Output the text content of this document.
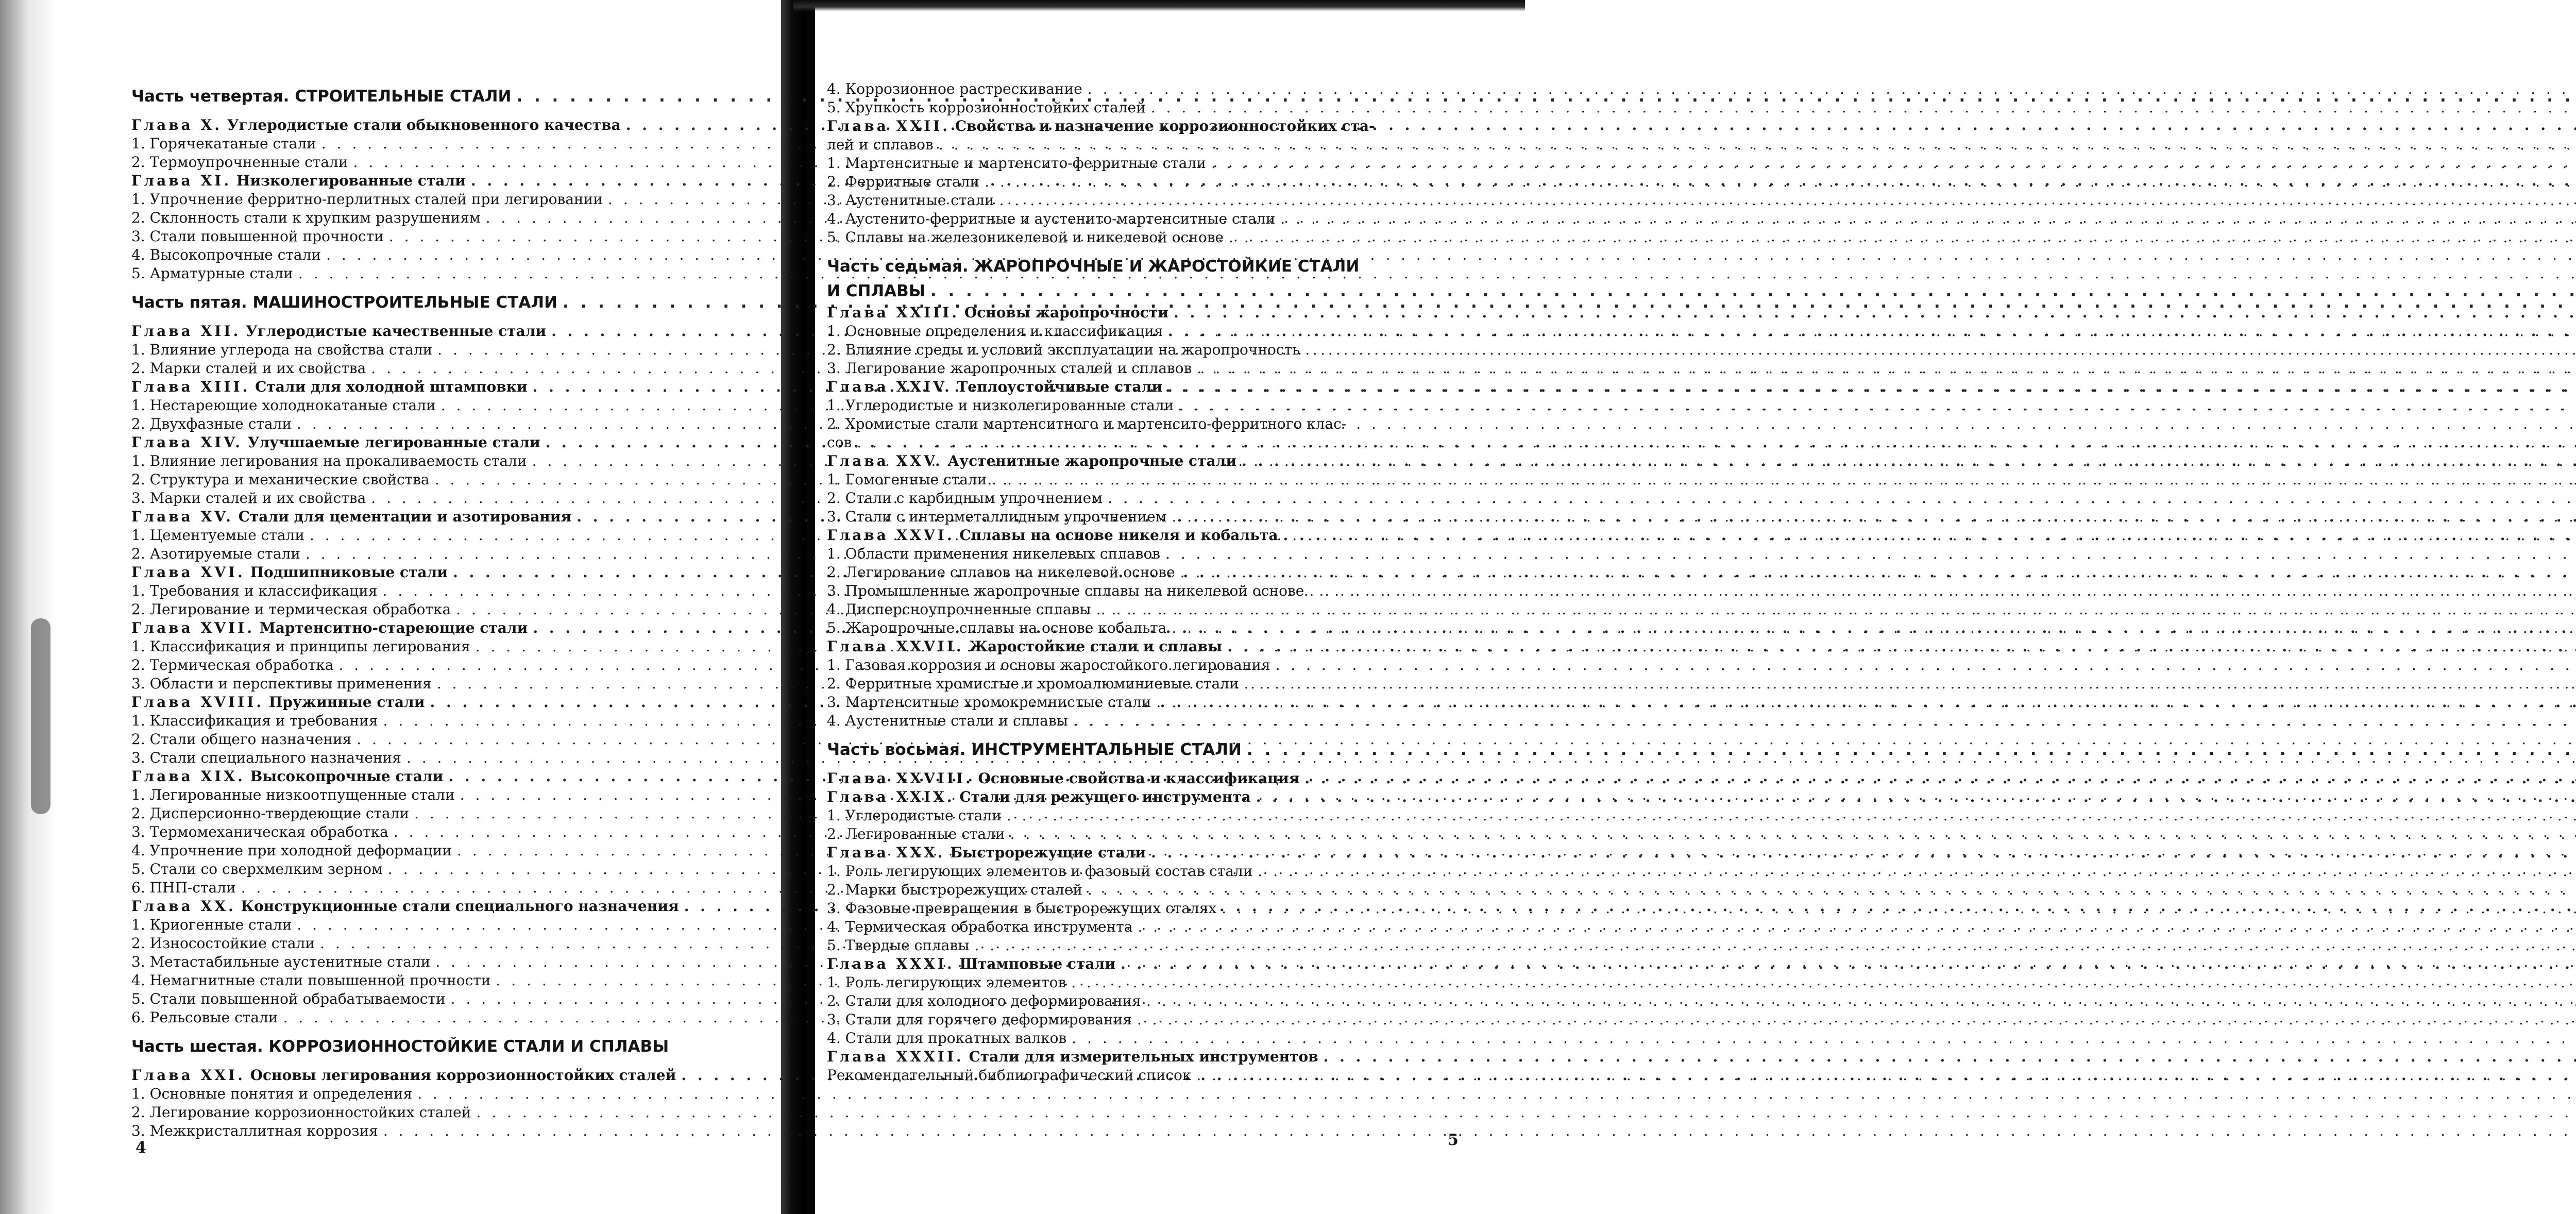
Часть четвертая. СТРОИТЕЛЬНЫЕ СТАЛИ
. . .
Глава X. Углеродистые стали обыкновенного качества
. . .
1. Горячекатаные стали
. . .
2. Термоупрочненные стали
. . .
Глава XI. Низколегированные стали
. . .
1. Упрочнение ферритно-перлитных сталей при легировании
. . .
2. Склонность стали к хрупким разрушениям
. . .
3. Стали повышенной прочности
. . .
4. Высокопрочные стали
. . .
5. Арматурные стали
. . .
Часть пятая. МАШИНОСТРОИТЕЛЬНЫЕ СТАЛИ
. . .
Глава XII. Углеродистые качественные стали
. . .
1. Влияние углерода на свойства стали
. . .
2. Марки сталей и их свойства
. . .
Глава XIII. Стали для холодной штамповки
. . .
1. Нестареющие холоднокатаные стали
. . .
2. Двухфазные стали
. . .
Глава XIV. Улучшаемые легированные стали
. . .
1. Влияние легирования на прокаливаемость стали
. . .
2. Структура и механические свойства
. . .
3. Марки сталей и их свойства
. . .
Глава XV. Стали для цементации и азотирования
. . .
1. Цементуемые стали
. . .
2. Азотируемые стали
. . .
Глава XVI. Подшипниковые стали
. . .
1. Требования и классификация
. . .
2. Легирование и термическая обработка
. . .
Глава XVII. Мартенситно-стареющие стали
. . .
1. Классификация и принципы легирования
. . .
2. Термическая обработка
. . .
3. Области и перспективы применения
. . .
Глава XVIII. Пружинные стали
. . .
1. Классификация и требования
. . .
2. Стали общего назначения
. . .
3. Стали специального назначения
. . .
Глава XIX. Высокопрочные стали
. . .
1. Легированные низкоотпущенные стали
. . .
2. Дисперсионно-твердеющие стали
. . .
3. Термомеханическая обработка
. . .
4. Упрочнение при холодной деформации
. . .
5. Стали со сверхмелким зерном
. . .
6. ПНП-стали
. . .
Глава XX. Конструкционные стали специального назначения
. . .
1. Криогенные стали
. . .
2. Износостойкие стали
. . .
3. Метастабильные аустенитные стали
. . .
4. Немагнитные стали повышенной прочности
. . .
5. Стали повышенной обрабатываемости
. . .
6. Рельсовые стали
. . .
Часть шестая. КОРРОЗИОННОСТОЙКИЕ СТАЛИ И СПЛАВЫ
Глава XXI. Основы легирования коррозионностойких сталей
. . .
1. Основные понятия и определения
. . .
2. Легирование коррозионностойких сталей
. . .
3. Межкристаллитная коррозия
. . .
4
4. Коррозионное растрескивание
. . .
5. Хрупкость коррозионностойких сталей
. . .
Глава XXII. Свойства и назначение коррозионностойких ста-
лей и сплавов
. . .
1. Мартенситные и мартенсито-ферритные стали
. . .
2. Ферритные стали
. . .
3. Аустенитные стали
. . .
4. Аустенито-ферритные и аустенито-мартенситные стали
. . .
5. Сплавы на железоникелевой и никелевой основе
. . .
Часть седьмая. ЖАРОПРОЧНЫЕ И ЖАРОСТОЙКИЕ СТАЛИ
И СПЛАВЫ
. . .
Глава XXIII. Основы жаропрочности
. . .
1. Основные определения и классификация
. . .
2. Влияние среды и условий эксплуатации на жаропрочность
. . .
3. Легирование жаропрочных сталей и сплавов
. . .
Глава XXIV. Теплоустойчивые стали
. . .
1. Углеродистые и низколегированные стали
. . .
2. Хромистые стали мартенситного и мартенсито-ферритного клас-
сов
. . .
Глава XXV. Аустенитные жаропрочные стали
. . .
1. Гомогенные стали
. . .
2. Стали с карбидным упрочнением
. . .
3. Стали с интерметаллидным упрочнением
. . .
Глава XXVI. Сплавы на основе никеля и кобальта
. . .
1. Области применения никелевых сплавов
. . .
2. Легирование сплавов на никелевой основе
. . .
3. Промышленные жаропрочные сплавы на никелевой основе
. . .
4. Дисперсноупрочненные сплавы
. . .
5. Жаропрочные сплавы на основе кобальта
. . .
Глава XXVII. Жаростойкие стали и сплавы
. . .
1. Газовая коррозия и основы жаростойкого легирования
. . .
2. Ферритные хромистые и хромоалюминиевые стали
. . .
3. Мартенситные хромокремнистые стали
. . .
4. Аустенитные стали и сплавы
. . .
Часть восьмая. ИНСТРУМЕНТАЛЬНЫЕ СТАЛИ
. . .
Глава XXVIII. Основные свойства и классификация
. . .
Глава XXIX. Стали для режущего инструмента
. . .
1. Углеродистые стали
. . .
2. Легированные стали
. . .
Глава XXX. Быстрорежущие стали
. . .
1. Роль легирующих элементов и фазовый состав стали
. . .
2. Марки быстрорежущих сталей
. . .
3. Фазовые превращения в быстрорежущих сталях
. . .
4. Термическая обработка инструмента
. . .
5. Твердые сплавы
. . .
Глава XXXI. Штамповые стали
. . .
1. Роль легирующих элементов
. . .
2. Стали для холодного деформирования
. . .
3. Стали для горячего деформирования
. . .
4. Стали для прокатных валков
. . .
Глава XXXII. Стали для измерительных инструментов
. . .
Рекомендательный библиографический список
. . .
5
